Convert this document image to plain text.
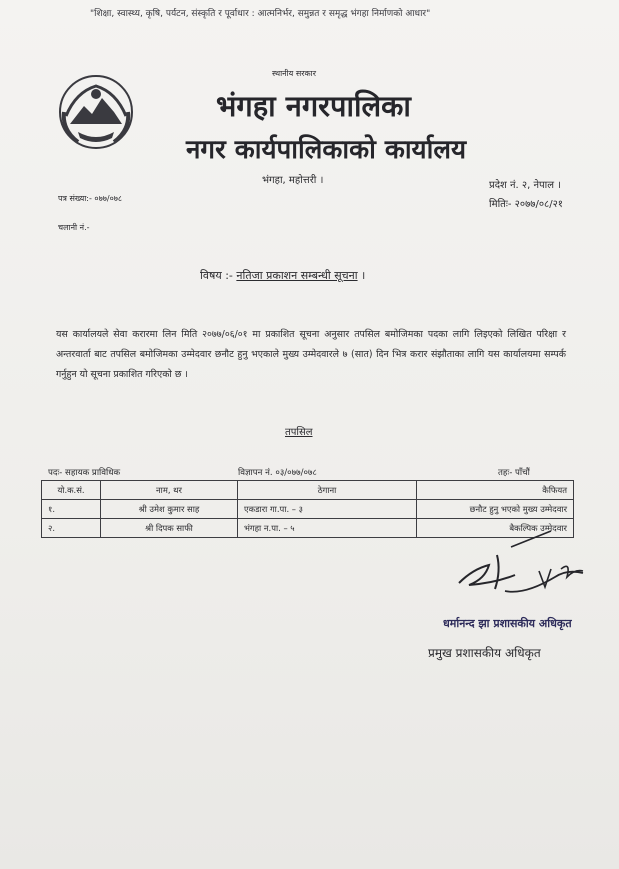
"शिक्षा, स्वास्थ्य, कृषि, पर्यटन, संस्कृति र पूर्वाधार : आत्मनिर्भर, समुन्नत र समृद्ध भंगहा निर्माणको आधार"
स्थानीय सरकार
भंगहा नगरपालिका
नगर कार्यपालिकाको कार्यालय
भंगहा, महोत्तरी ।	प्रदेश नं. २, नेपाल ।
पत्र संख्या:- ०७७/०७८
मितिः- २०७७/०८/२१
चलानी नं.-
विषय :- नतिजा प्रकाशन सम्बन्धी सूचना ।
यस कार्यालयले सेवा करारमा लिन मिति २०७७/०६/०१ मा प्रकाशित सूचना अनुसार तपसिल बमोजिमका पदका लागि लिइएको लिखित परिक्षा र अन्तरवार्ता बाट तपसिल बमोजिमका उम्मेदवार छनौट हुनु भएकाले मुख्य उम्मेदवारले ७ (सात) दिन भित्र करार संझौताका लागि यस कार्यालयमा सम्पर्क गर्नुहुन यो सूचना प्रकाशित गरिएको छ ।
तपसिल
पदः- सहायक प्राविधिक	विज्ञापन नं. ०३/०७७/०७८	तहः- पाँचौं
यो.क.सं.	नाम, थर	ठेगाना	कैफियत
१.	श्री उमेश कुमार साह	एकडारा गा.पा. – ३	छनौट हुनु भएको मुख्य उम्मेदवार
२.	श्री दिपक साफी	भंगहा न.पा. – ५	बैकल्पिक उम्मेदवार
धर्मानन्द झा प्रशासकीय अधिकृत
प्रमुख प्रशासकीय अधिकृत
